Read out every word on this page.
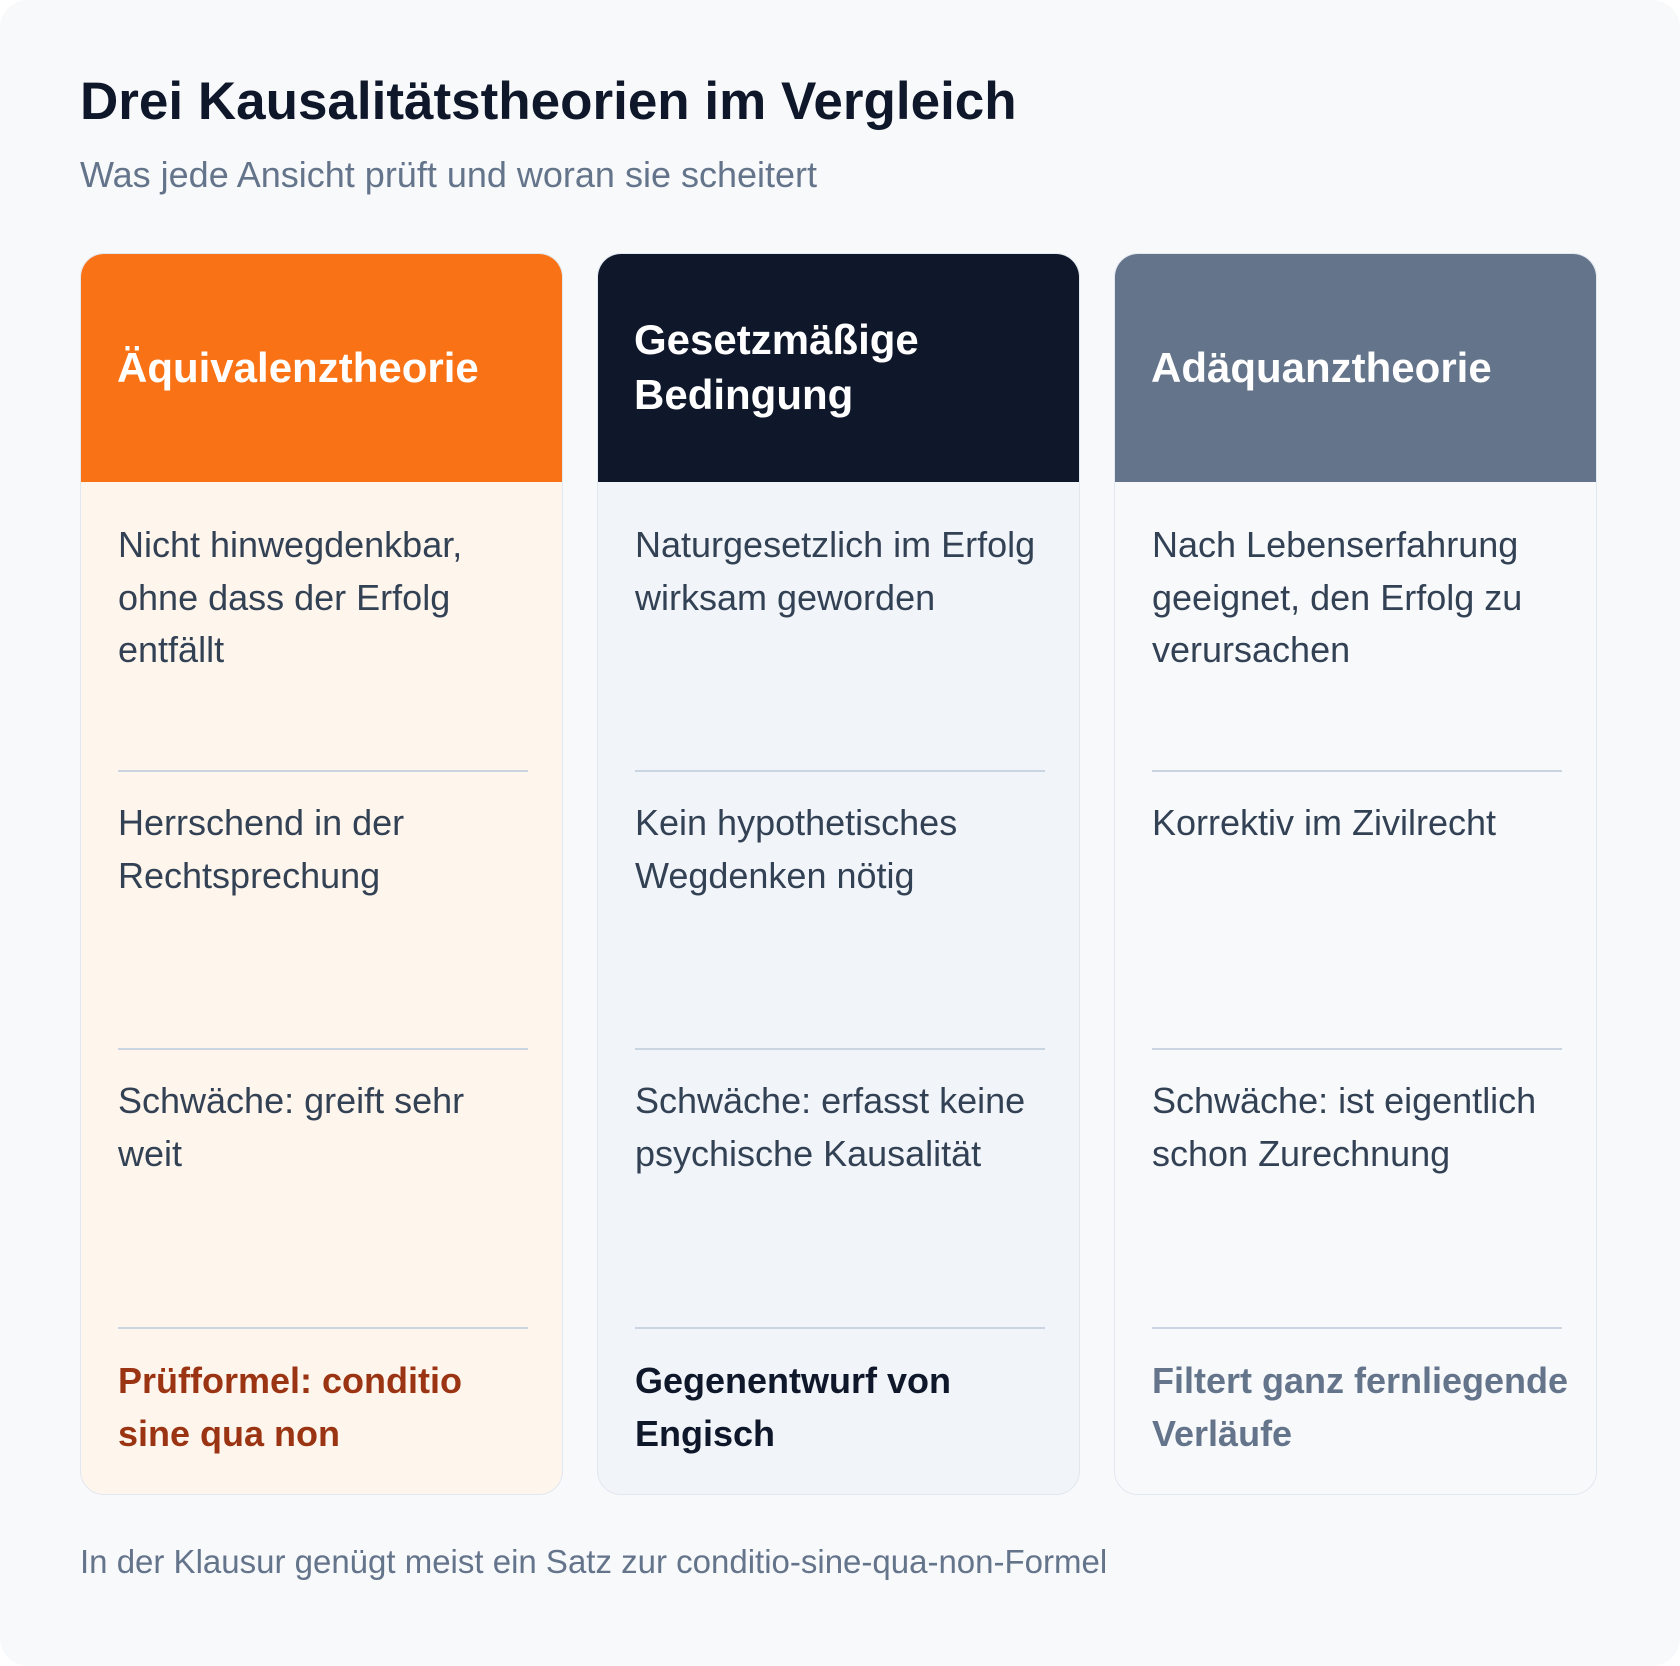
Drei Kausalitätstheorien im Vergleich

Was jede Ansicht prüft und woran sie scheitert

Äquivalenztheorie
Nicht hinwegdenkbar, ohne dass der Erfolg entfällt
Herrschend in der Rechtsprechung
Schwäche: greift sehr weit
Prüfformel: conditio sine qua non
Gesetzmäßige Bedingung
Naturgesetzlich im Erfolg wirksam geworden
Kein hypothetisches Wegdenken nötig
Schwäche: erfasst keine psychische Kausalität
Gegenentwurf von Engisch
Adäquanztheorie
Nach Lebenserfahrung geeignet, den Erfolg zu verursachen
Korrektiv im Zivilrecht
Schwäche: ist eigentlich schon Zurechnung
Filtert ganz fernliegende Verläufe

In der Klausur genügt meist ein Satz zur conditio-sine-qua-non-Formel
